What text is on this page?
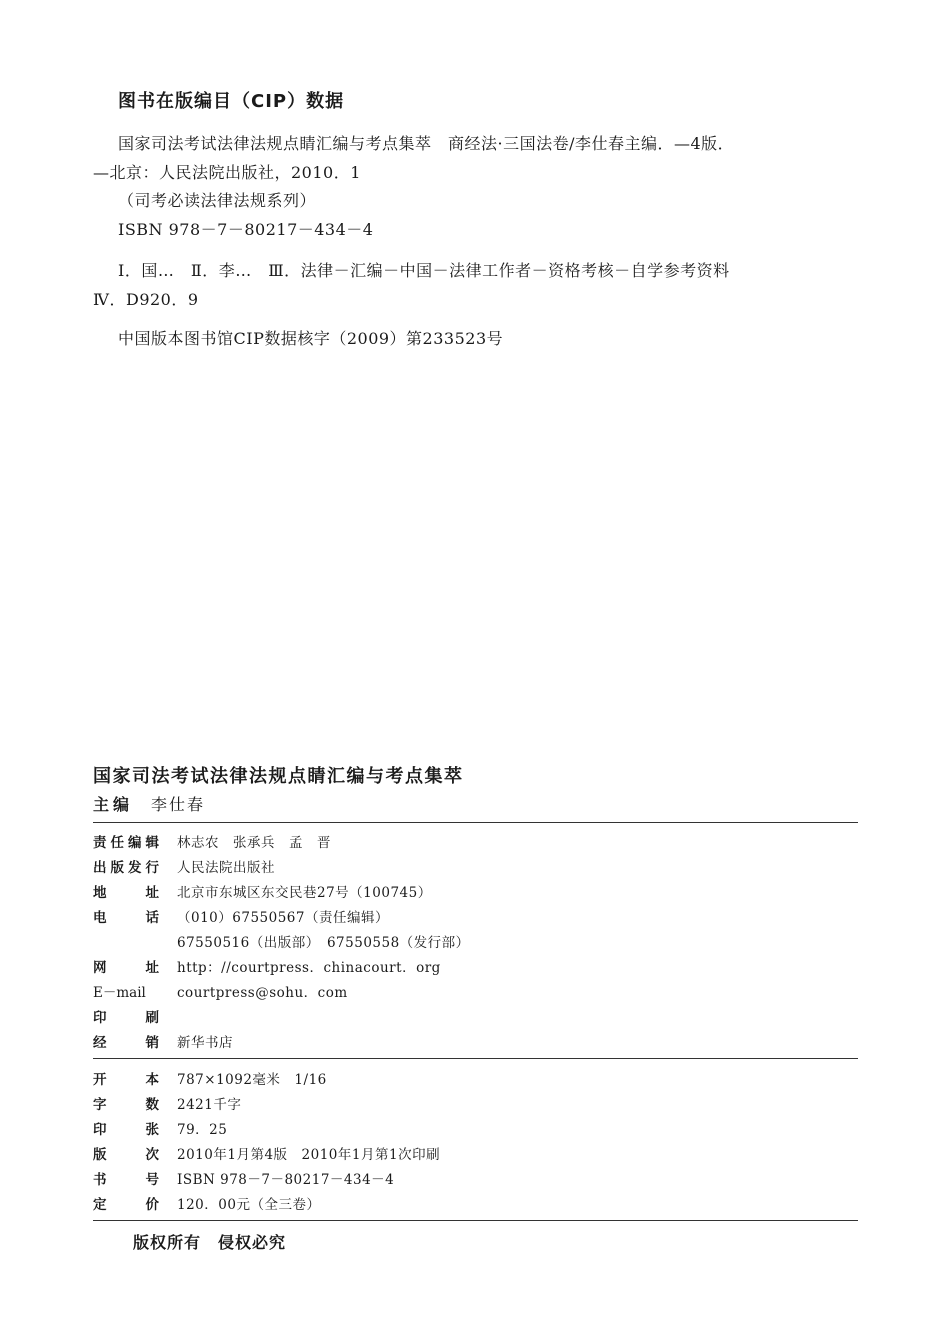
图书在版编目（CIP）数据
国家司法考试法律法规点睛汇编与考点集萃　商经法·三国法卷/李仕春主编．—4版．
—北京：人民法院出版社，2010．1
（司考必读法律法规系列）
ISBN 978－7－80217－434－4
Ⅰ．国…　Ⅱ．李…　Ⅲ．法律－汇编－中国－法律工作者－资格考核－自学参考资料
Ⅳ．D920．9
中国版本图书馆CIP数据核字（2009）第233523号
国家司法考试法律法规点睛汇编与考点集萃
主编 李仕春
责 任 编 辑 林志农　张承兵　孟　晋
出 版 发 行 人民法院出版社
地	址 北京市东城区东交民巷27号（100745）
电	话 （010）67550567（责任编辑）
67550516（出版部）　67550558（发行部）
网	址 http：//courtpress．chinacourt．org
E－mail	courtpress@sohu．com
印	刷
经	销 新华书店
开	本 787×1092毫米　1/16
字	数 2421千字
印	张 79．25
版	次 2010年1月第4版　2010年1月第1次印刷
书	号 ISBN 978－7－80217－434－4
定	价 120．00元（全三卷）
版权所有　侵权必究
